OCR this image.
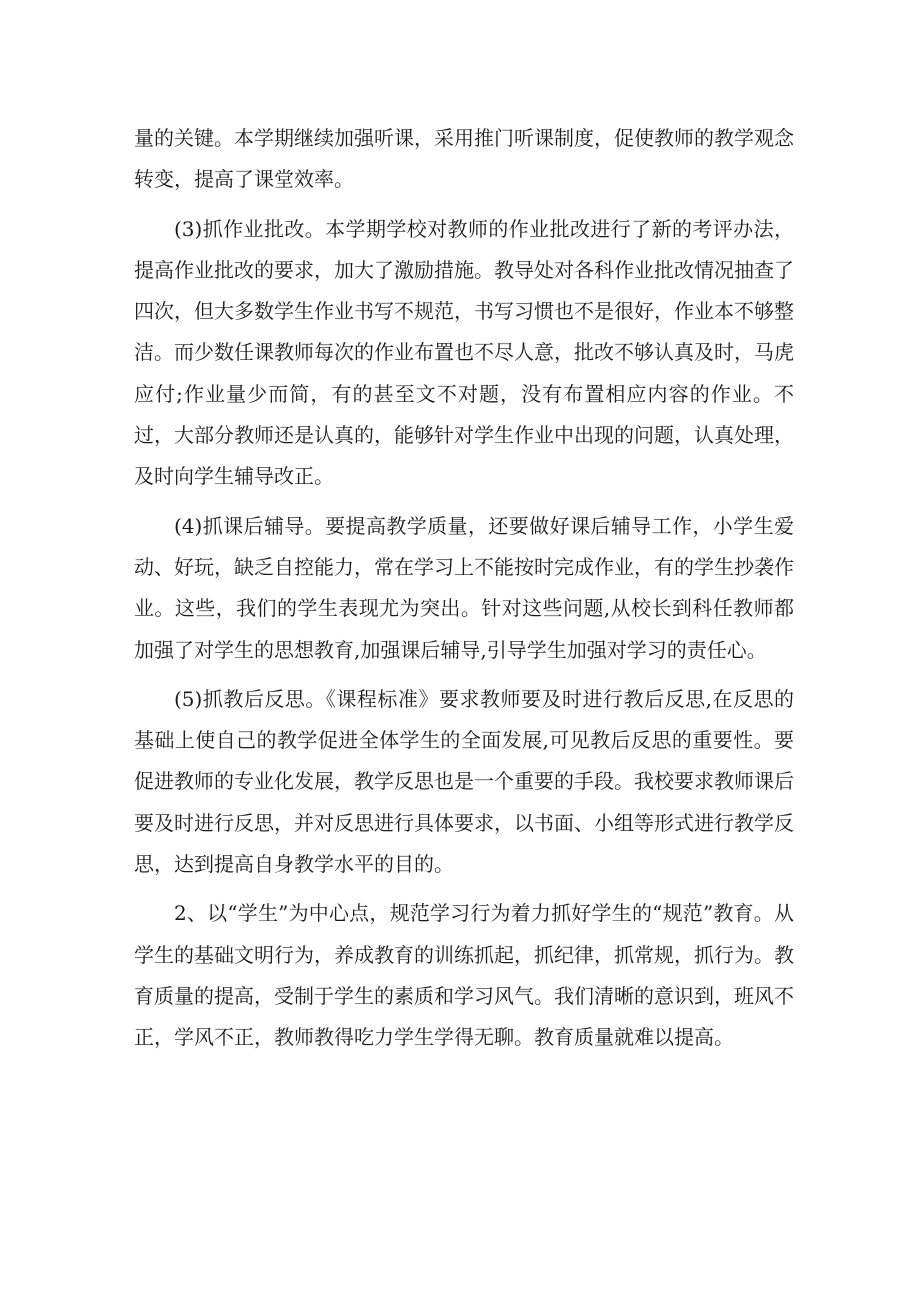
量的关键。本学期继续加强听课，采用推门听课制度，促使教师的教学观念转变，提高了课堂效率。

(3)抓作业批改。本学期学校对教师的作业批改进行了新的考评办法，提高作业批改的要求，加大了激励措施。教导处对各科作业批改情况抽查了四次，但大多数学生作业书写不规范，书写习惯也不是很好，作业本不够整洁。而少数任课教师每次的作业布置也不尽人意，批改不够认真及时，马虎应付;作业量少而简，有的甚至文不对题，没有布置相应内容的作业。不过，大部分教师还是认真的，能够针对学生作业中出现的问题，认真处理，及时向学生辅导改正。

(4)抓课后辅导。要提高教学质量，还要做好课后辅导工作，小学生爱动、好玩，缺乏自控能力，常在学习上不能按时完成作业，有的学生抄袭作业。这些，我们的学生表现尤为突出。针对这些问题,从校长到科任教师都加强了对学生的思想教育,加强课后辅导,引导学生加强对学习的责任心。

(5)抓教后反思。《课程标准》要求教师要及时进行教后反思,在反思的基础上使自己的教学促进全体学生的全面发展,可见教后反思的重要性。要促进教师的专业化发展，教学反思也是一个重要的手段。我校要求教师课后要及时进行反思，并对反思进行具体要求，以书面、小组等形式进行教学反思，达到提高自身教学水平的目的。

2、以“学生”为中心点，规范学习行为着力抓好学生的“规范”教育。从学生的基础文明行为，养成教育的训练抓起，抓纪律，抓常规，抓行为。教育质量的提高，受制于学生的素质和学习风气。我们清晰的意识到，班风不正，学风不正，教师教得吃力学生学得无聊。教育质量就难以提高。
